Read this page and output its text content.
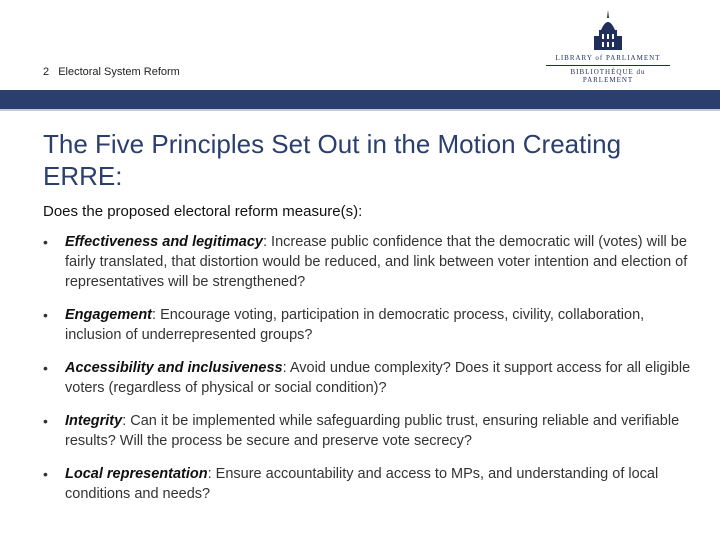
2 Electoral System Reform
LIBRARY of PARLIAMENT
BIBLIOTHÈQUE du PARLEMENT
The Five Principles Set Out in the Motion Creating ERRE:

Does the proposed electoral reform measure(s):

• Effectiveness and legitimacy: Increase public confidence that the democratic will (votes) will be fairly translated, that distortion would be reduced, and link between voter intention and election of representatives will be strengthened?
• Engagement: Encourage voting, participation in democratic process, civility, collaboration, inclusion of underrepresented groups?
• Accessibility and inclusiveness: Avoid undue complexity? Does it support access for all eligible voters (regardless of physical or social condition)?
• Integrity: Can it be implemented while safeguarding public trust, ensuring reliable and verifiable results? Will the process be secure and preserve vote secrecy?
• Local representation: Ensure accountability and access to MPs, and understanding of local conditions and needs?
